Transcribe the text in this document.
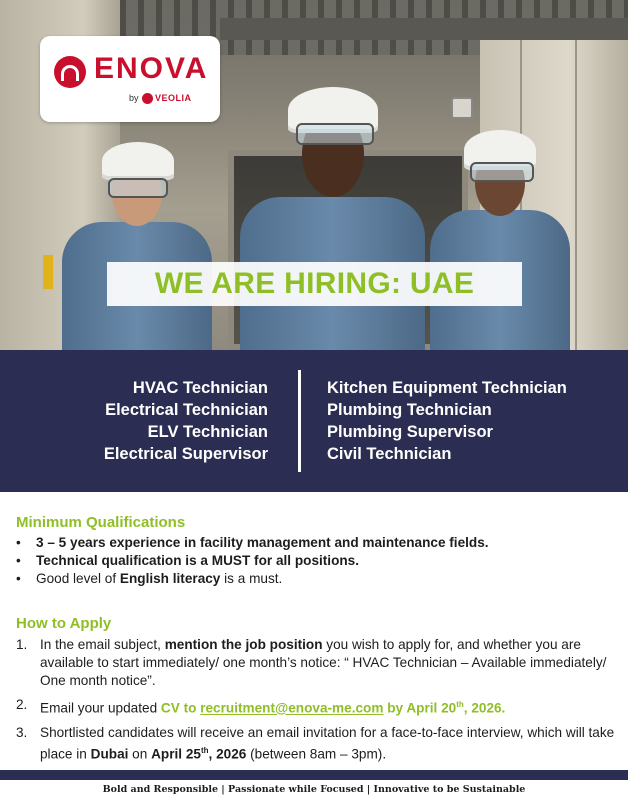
ENOVA
by VEOLIA
WE ARE HIRING: UAE
HVAC Technician
Electrical Technician
ELV Technician
Electrical Supervisor
Kitchen Equipment Technician
Plumbing Technician
Plumbing Supervisor
Civil Technician
Minimum Qualifications
• 3 – 5 years experience in facility management and maintenance fields.
• Technical qualification is a MUST for all positions.
• Good level of English literacy is a must.
How to Apply
1. In the email subject, mention the job position you wish to apply for, and whether you are available to start immediately/ one month’s notice: “ HVAC Technician – Available immediately/ One month notice”.
2. Email your updated CV to recruitment@enova-me.com by April 20th, 2026.
3. Shortlisted candidates will receive an email invitation for a face-to-face interview, which will take place in Dubai on April 25th, 2026 (between 8am – 3pm).
Bold and Responsible | Passionate while Focused | Innovative to be Sustainable
